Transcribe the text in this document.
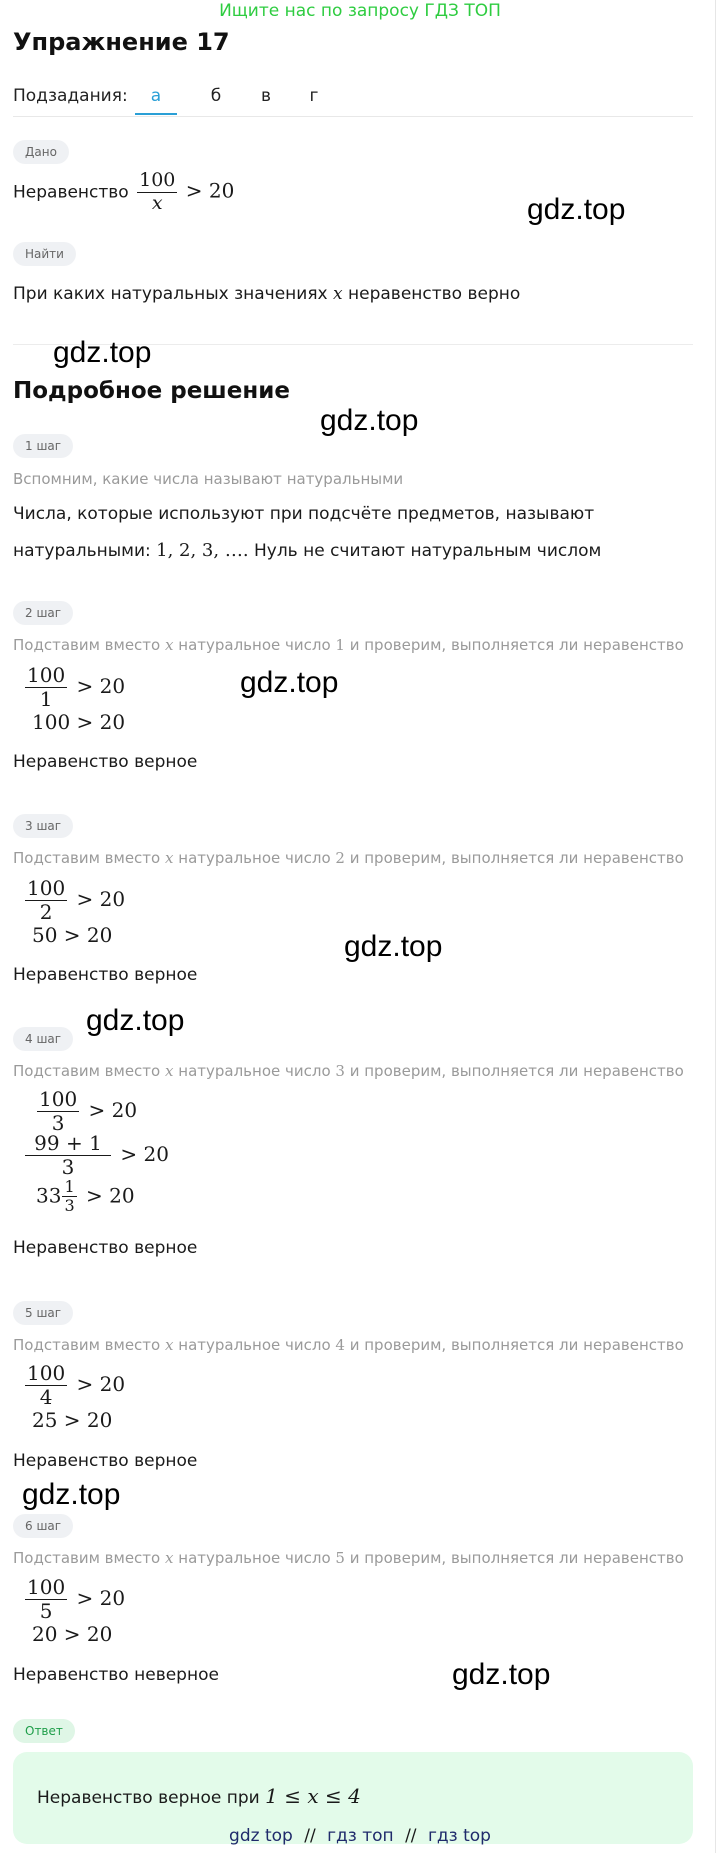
Ищите нас по запросу ГДЗ ТОП
Упражнение 17
Подзадания:	а	б	в	г
Дано
Неравенство $\frac{100}{x} > 20$
Найти
При каких натуральных значениях x неравенство верно
Подробное решение
1 шаг
Вспомним, какие числа называют натуральными
Числа, которые используют при подсчёте предметов, называют
натуральными: 1, 2, 3, …. Нуль не считают натуральным числом
2 шаг
Подставим вместо x натуральное число 1 и проверим, выполняется ли неравенство
$\frac{100}{1} > 20$
100 > 20
Неравенство верное
3 шаг
Подставим вместо x натуральное число 2 и проверим, выполняется ли неравенство
$\frac{100}{2} > 20$
50 > 20
Неравенство верное
4 шаг
Подставим вместо x натуральное число 3 и проверим, выполняется ли неравенство
$\frac{100}{3} > 20$
$\frac{99 + 1}{3} > 20$
$33 \frac{1}{3} > 20$
Неравенство верное
5 шаг
Подставим вместо x натуральное число 4 и проверим, выполняется ли неравенство
$\frac{100}{4} > 20$
25 > 20
Неравенство верное
6 шаг
Подставим вместо x натуральное число 5 и проверим, выполняется ли неравенство
$\frac{100}{5} > 20$
20 > 20
Неравенство неверное
Ответ
Неравенство верное при 1 ≤ x ≤ 4
gdz.top
gdz.top
gdz.top
gdz.top
gdz.top
gdz.top
gdz.top
gdz.top
gdz top // гдз топ // гдз top
